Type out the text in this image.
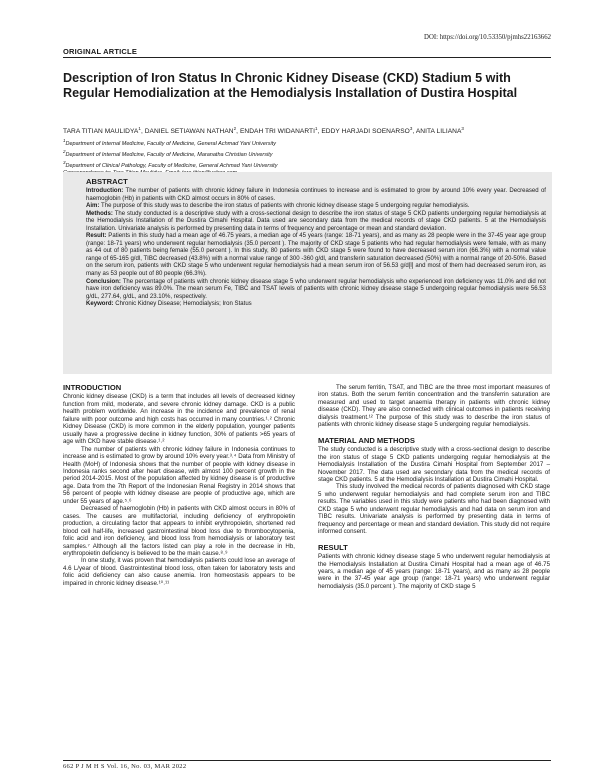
DOI: https://doi.org/10.53350/pjmhs22163662
ORIGINAL ARTICLE
Description of Iron Status In Chronic Kidney Disease (CKD) Stadium 5 with Regular Hemodialization at the Hemodialysis Installation of Dustira Hospital
TARA TITIAN MAULIDYA$^1$, DANIEL SETIAWAN NATHAN$^2$, ENDAH TRI WIDANARTI$^1$, EDDY HARJADI SOENARSO$^3$, ANITA LILIANA$^3$
$^1$Department of Internal Medicine, Faculty of Medicine, General Achmad Yani University
$^2$Department of Internal Medicine, Faculty of Medicine, Maranatha Christian University
$^3$Department of Clinical Pathology, Faculty of Medicine, General Achmad Yani University
ABSTRACT

Introduction: The number of patients with chronic kidney failure in Indonesia continues to increase and is estimated to grow by around 10% every year. Decreased of haemoglobin (Hb) in patients with CKD almost occurs in 80% of cases.

Aim: The purpose of this study was to describe the iron status of patients with chronic kidney disease stage 5 undergoing regular hemodialysis.

Methods: The study conducted is a descriptive study with a cross-sectional design to describe the iron status of stage 5 CKD patients undergoing regular hemodialysis at the Hemodialysis Installation of the Dustira Cimahi Hospital. Data used are secondary data from the medical records of stage CKD patients. 5 at the Hemodialysis Installation. Univariate analysis is performed by presenting data in terms of frequency and percentage or mean and standard deviation.

Result: Patients in this study had a mean age of 46.75 years, a median age of 45 years (range: 18-71 years), and as many as 28 people were in the 37-45 year age group (range: 18-71 years) who underwent regular hemodialysis (35.0 percent ). The majority of CKD stage 5 patients who had regular hemodialysis were female, with as many as 44 out of 80 patients being female (55.0 percent ). In this study, 80 patients with CKD stage 5 were found to have decreased serum iron (66.3%) with a normal value range of 65-165 g/dl, TIBC decreased (43.8%) with a normal value range of 300 -360 g/dl, and transferin saturation decreased (50%) with a normal range of 20-50%. Based on the serum iron, patients with CKD stage 5 who underwent regular hemodialysis had a mean serum iron of 56.53 g/d[l] and most of them had decreased serum iron, as many as 53 people out of 80 people (66.3%).

Conclusion: The percentage of patients with chronic kidney disease stage 5 who underwent regular hemodialysis who experienced iron deficiency was 11.0% and did not have iron deficiency was 89.0%. The mean serum Fe, TIBC and TSAT levels of patients with chronic kidney disease stage 5 undergoing regular hemodialysis were 56.53 g/dL, 277.64, g/dL, and 23.10%, respectively.

Keyword: Chronic Kidney Disease; Hemodialysis; Iron Status

INTRODUCTION

Chronic kidney disease (CKD) is a term that includes all levels of decreased kidney function from mild, moderate, and severe chronic kidney damage. CKD is a public health problem worldwide. An increase in the incidence and prevalence of renal failure with poor outcome and high costs has occurred in many countries.¹˒² Chronic Kidney Disease (CKD) is more common in the elderly population, younger patients usually have a progressive decline in kidney function, 30% of patients >65 years of age with CKD have stable disease.¹˒²

The number of patients with chronic kidney failure in Indonesia continues to increase and is estimated to grow by around 10% every year.³˒⁴ Data from Ministry of Health (MoH) of Indonesia shows that the number of people with kidney disease in Indonesia ranks second after heart disease, with almost 100 percent growth in the period 2014-2015. Most of the population affected by kidney disease is of productive age. Data from the 7th Report of the Indonesian Renal Registry in 2014 shows that 56 percent of people with kidney disease are people of productive age, which are under 55 years of age.⁵˒⁶

Decreased of haemoglobin (Hb) in patients with CKD almost occurs in 80% of cases. The causes are multifactorial, including deficiency of erythropoietin production, a circulating factor that appears to inhibit erythropoietin, shortened red blood cell half-life, increased gastrointestinal blood loss due to thrombocytopenia, folic acid and iron deficiency, and blood loss from hemodialysis or laboratory test samples.⁷ Although all the factors listed can play a role in the decrease in Hb, erythropoietin deficiency is believed to be the main cause.⁸˒⁹

In one study, it was proven that hemodialysis patients could lose an average of 4.6 L/year of blood. Gastrointestinal blood loss, often taken for laboratory tests and folic acid deficiency can also cause anemia. Iron homeostasis appears to be impaired in chronic kidney disease.¹⁰˒¹¹

The serum ferritin, TSAT, and TIBC are the three most important measures of iron status. Both the serum ferritin concentration and the transferrin saturation are measured and used to target anaemia therapy in patients with chronic kidney disease (CKD). They are also connected with clinical outcomes in patients receiving dialysis treatment.¹² The purpose of this study was to describe the iron status of patients with chronic kidney disease stage 5 undergoing regular hemodialysis.

MATERIAL AND METHODS

The study conducted is a descriptive study with a cross-sectional design to describe the iron status of stage 5 CKD patients undergoing regular hemodialysis at the Hemodialysis Installation of the Dustira Cimahi Hospital from September 2017 – November 2017. The data used are secondary data from the medical records of stage CKD patients. 5 at the Hemodialysis Installation at Dustira Cimahi Hospital.

This study involved the medical records of patients diagnosed with CKD stage 5 who underwent regular hemodialysis and had complete serum iron and TIBC results. The variables used in this study were patients who had been diagnosed with CKD stage 5 who underwent regular hemodialysis and had data on serum iron and TIBC results. Univariate analysis is performed by presenting data in terms of frequency and percentage or mean and standard deviation. This study did not require informed consent.

RESULT

Patients with chronic kidney disease stage 5 who underwent regular hemodialysis at the Hemodialysis Installation at Dustira Cimahi Hospital had a mean age of 46.75 years, a median age of 45 years (range: 18-71 years), and as many as 28 people were in the 37-45 year age group (range: 18-71 years) who underwent regular hemodialysis (35.0 percent ). The majority of CKD stage 5

662 P J M H S Vol. 16, No. 03, MAR 2022
